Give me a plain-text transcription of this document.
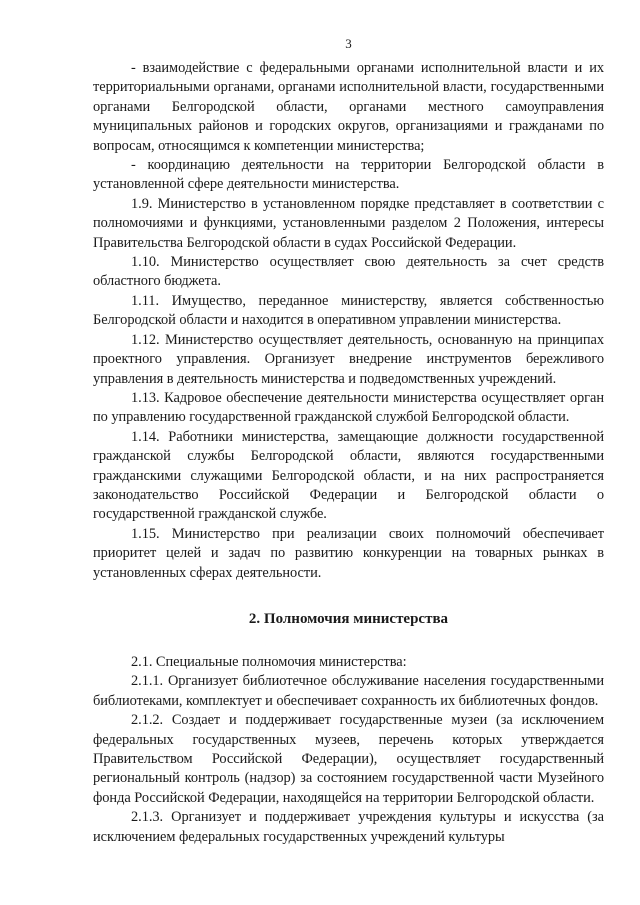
3

- взаимодействие с федеральными органами исполнительной власти и их территориальными органами, органами исполнительной власти, государственными органами Белгородской области, органами местного самоуправления муниципальных районов и городских округов, организациями и гражданами по вопросам, относящимся к компетенции министерства;

- координацию деятельности на территории Белгородской области в установленной сфере деятельности министерства.

1.9. Министерство в установленном порядке представляет в соответствии с полномочиями и функциями, установленными разделом 2 Положения, интересы Правительства Белгородской области в судах Российской Федерации.

1.10. Министерство осуществляет свою деятельность за счет средств областного бюджета.

1.11. Имущество, переданное министерству, является собственностью Белгородской области и находится в оперативном управлении министерства.

1.12. Министерство осуществляет деятельность, основанную на принципах проектного управления. Организует внедрение инструментов бережливого управления в деятельность министерства и подведомственных учреждений.

1.13. Кадровое обеспечение деятельности министерства осуществляет орган по управлению государственной гражданской службой Белгородской области.

1.14. Работники министерства, замещающие должности государственной гражданской службы Белгородской области, являются государственными гражданскими служащими Белгородской области, и на них распространяется законодательство Российской Федерации и Белгородской области о государственной гражданской службе.

1.15. Министерство при реализации своих полномочий обеспечивает приоритет целей и задач по развитию конкуренции на товарных рынках в установленных сферах деятельности.

2. Полномочия министерства

2.1. Специальные полномочия министерства:

2.1.1. Организует библиотечное обслуживание населения государственными библиотеками, комплектует и обеспечивает сохранность их библиотечных фондов.

2.1.2. Создает и поддерживает государственные музеи (за исключением федеральных государственных музеев, перечень которых утверждается Правительством Российской Федерации), осуществляет государственный региональный контроль (надзор) за состоянием государственной части Музейного фонда Российской Федерации, находящейся на территории Белгородской области.

2.1.3. Организует и поддерживает учреждения культуры и искусства (за исключением федеральных государственных учреждений культуры
